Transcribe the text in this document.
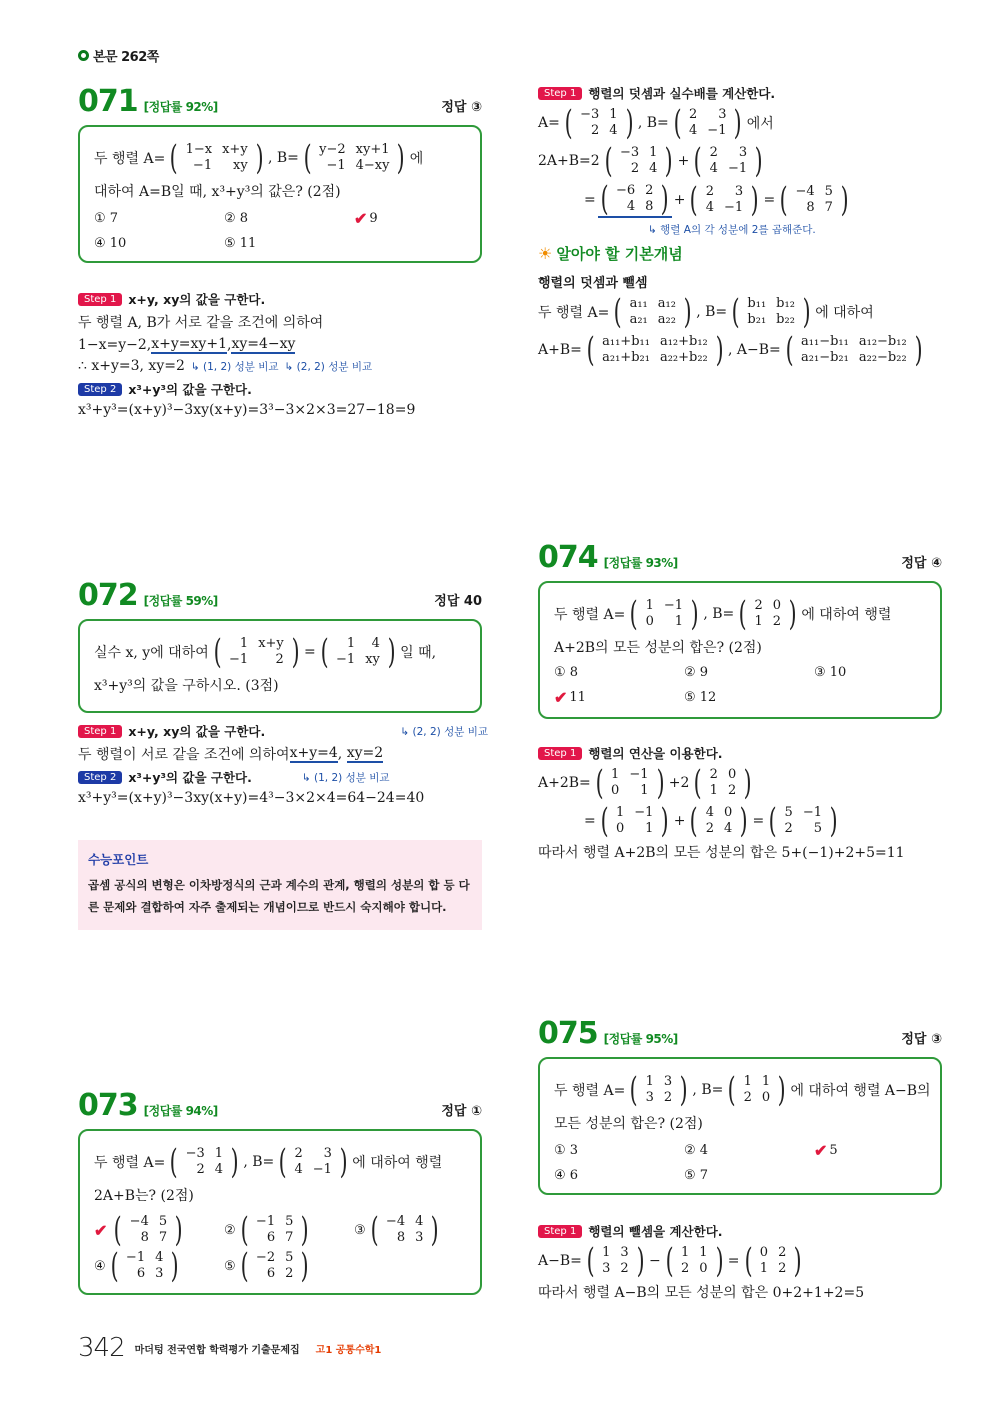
본문 262쪽
071 [정답률 92%]	정답 ③
두 행렬 A= ( 1−x	x+y
−1	xy ) , B= ( y−2	xy+1
−1	4−xy ) 에
대하여 A=B일 때, x³+y³의 값은? (2점)
① 7	② 8	✔ 9
④ 10	⑤ 11
Step 1 x+y, xy의 값을 구한다.
두 행렬 A, B가 서로 같을 조건에 의하여
1−x=y−2, x+y=xy+1 , xy=4−xy
∴ x+y=3, xy=2 ↳ (1, 2) 성분 비교 ↳ (2, 2) 성분 비교
Step 2 x³+y³의 값을 구한다.
x³+y³=(x+y)³−3xy(x+y)=3³−3×2×3=27−18=9
072 [정답률 59%]	정답 40
실수 x, y에 대하여 ( 1	x+y
−1	2 ) = ( 1	4
−1	xy ) 일 때,
x³+y³의 값을 구하시오. (3점)
Step 1 x+y, xy의 값을 구한다.	↳ (2, 2) 성분 비교
두 행렬이 서로 같을 조건에 의하여 x+y=4 , xy=2
Step 2 x³+y³의 값을 구한다.	↳ (1, 2) 성분 비교
x³+y³=(x+y)³−3xy(x+y)=4³−3×2×4=64−24=40
수능포인트
곱셈 공식의 변형은 이차방정식의 근과 계수의 관계, 행렬의 성분의 합 등 다른 문제와 결합하여 자주 출제되는 개념이므로 반드시 숙지해야 합니다.
073 [정답률 94%]	정답 ①
두 행렬 A= ( −3	1
2	4 ) , B= ( 2	3
4	−1 ) 에 대하여 행렬
2A+B는? (2점)
✔ ( −4	5
8	7 )	② ( −1	5
6	7 )	③ ( −4	4
8	3 )
④ ( −1	4
6	3 )	⑤ ( −2	5
6	2 )
Step 1 행렬의 덧셈과 실수배를 계산한다.
A= ( −3	1
2	4 ) , B= ( 2	3
4	−1 ) 에서
2A+B=2 ( −3	1
2	4 ) + ( 2	3
4	−1 )
= ( −6	2
4	8 ) + ( 2	3
4	−1 ) = ( −4	5
8	7 )
↳ 행렬 A의 각 성분에 2를 곱해준다.
☀ 알아야 할 기본개념
행렬의 덧셈과 뺄셈
두 행렬 A= ( a₁₁	a₁₂
a₂₁	a₂₂ ) , B= ( b₁₁	b₁₂
b₂₁	b₂₂ ) 에 대하여
A+B= ( a₁₁+b₁₁	a₁₂+b₁₂
a₂₁+b₂₁	a₂₂+b₂₂ ) , A−B= ( a₁₁−b₁₁	a₁₂−b₁₂
a₂₁−b₂₁	a₂₂−b₂₂ )
074 [정답률 93%]	정답 ④
두 행렬 A= ( 1	−1
0	1 ) , B= ( 2	0
1	2 ) 에 대하여 행렬
A+2B의 모든 성분의 합은? (2점)
① 8	② 9	③ 10
✔ 11	⑤ 12
Step 1 행렬의 연산을 이용한다.
A+2B= ( 1	−1
0	1 ) +2 ( 2	0
1	2 )
= ( 1	−1
0	1 ) + ( 4	0
2	4 ) = ( 5	−1
2	5 )
따라서 행렬 A+2B의 모든 성분의 합은 5+(−1)+2+5=11
075 [정답률 95%]	정답 ③
두 행렬 A= ( 1	3
3	2 ) , B= ( 1	1
2	0 ) 에 대하여 행렬 A−B의
모든 성분의 합은? (2점)
① 3	② 4	✔ 5
④ 6	⑤ 7
Step 1 행렬의 뺄셈을 계산한다.
A−B= ( 1	3
3	2 ) − ( 1	1
2	0 ) = ( 0	2
1	2 )
따라서 행렬 A−B의 모든 성분의 합은 0+2+1+2=5
342 마더텅 전국연합 학력평가 기출문제집 고1 공통수학1
